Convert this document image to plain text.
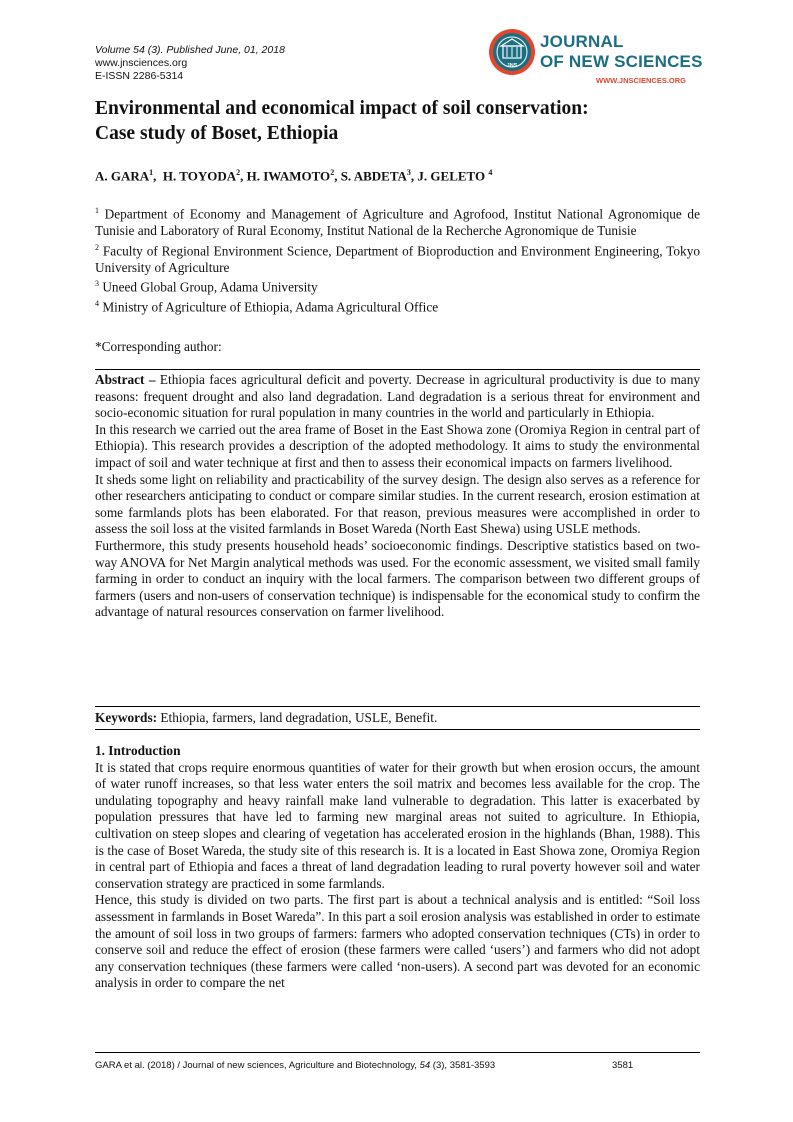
Volume 54 (3). Published June, 01, 2018
www.jnsciences.org
E-ISSN 2286-5314
JNS
JOURNAL
OF NEW SCIENCES
WWW.JNSCIENCES.ORG
Environmental and economical impact of soil conservation:
Case study of Boset, Ethiopia
A. GARA$^1$,  H. TOYODA$^2$, H. IWAMOTO$^2$, S. ABDETA$^3$, J. GELETO $^4$

$^1$ Department of Economy and Management of Agriculture and Agrofood, Institut National Agronomique de Tunisie and Laboratory of Rural Economy, Institut National de la Recherche Agronomique de Tunisie

$^2$ Faculty of Regional Environment Science, Department of Bioproduction and Environment Engineering, Tokyo University of Agriculture

$^3$ Uneed Global Group, Adama University

$^4$ Ministry of Agriculture of Ethiopia, Adama Agricultural Office

*Corresponding author:

Abstract – Ethiopia faces agricultural deficit and poverty. Decrease in agricultural productivity is due to many reasons: frequent drought and also land degradation. Land degradation is a serious threat for environment and socio-economic situation for rural population in many countries in the world and particularly in Ethiopia.

In this research we carried out the area frame of Boset in the East Showa zone (Oromiya Region in central part of Ethiopia). This research provides a description of the adopted methodology. It aims to study the environmental impact of soil and water technique at first and then to assess their economical impacts on farmers livelihood.

It sheds some light on reliability and practicability of the survey design. The design also serves as a reference for other researchers anticipating to conduct or compare similar studies. In the current research, erosion estimation at some farmlands plots has been elaborated. For that reason, previous measures were accomplished in order to assess the soil loss at the visited farmlands in Boset Wareda (North East Shewa) using USLE methods.

Furthermore, this study presents household heads’ socioeconomic findings. Descriptive statistics based on two-way ANOVA for Net Margin analytical methods was used. For the economic assessment, we visited small family farming in order to conduct an inquiry with the local farmers. The comparison between two different groups of farmers (users and non-users of conservation technique) is indispensable for the economical study to confirm the advantage of natural resources conservation on farmer livelihood.

Keywords: Ethiopia, farmers, land degradation, USLE, Benefit.

1. Introduction

It is stated that crops require enormous quantities of water for their growth but when erosion occurs, the amount of water runoff increases, so that less water enters the soil matrix and becomes less available for the crop. The undulating topography and heavy rainfall make land vulnerable to degradation. This latter is exacerbated by population pressures that have led to farming new marginal areas not suited to agriculture. In Ethiopia, cultivation on steep slopes and clearing of vegetation has accelerated erosion in the highlands (Bhan, 1988). This is the case of Boset Wareda, the study site of this research is. It is a located in East Showa zone, Oromiya Region in central part of Ethiopia and faces a threat of land degradation leading to rural poverty however soil and water conservation strategy are practiced in some farmlands.

Hence, this study is divided on two parts. The first part is about a technical analysis and is entitled: “Soil loss assessment in farmlands in Boset Wareda”. In this part a soil erosion analysis was established in order to estimate the amount of soil loss in two groups of farmers: farmers who adopted conservation techniques (CTs) in order to conserve soil and reduce the effect of erosion (these farmers were called ‘users’) and farmers who did not adopt any conservation techniques (these farmers were called ‘non-users). A second part was devoted for an economic analysis in order to compare the net

GARA et al. (2018) / Journal of new sciences, Agriculture and Biotechnology, 54 (3), 3581-3593	3581
